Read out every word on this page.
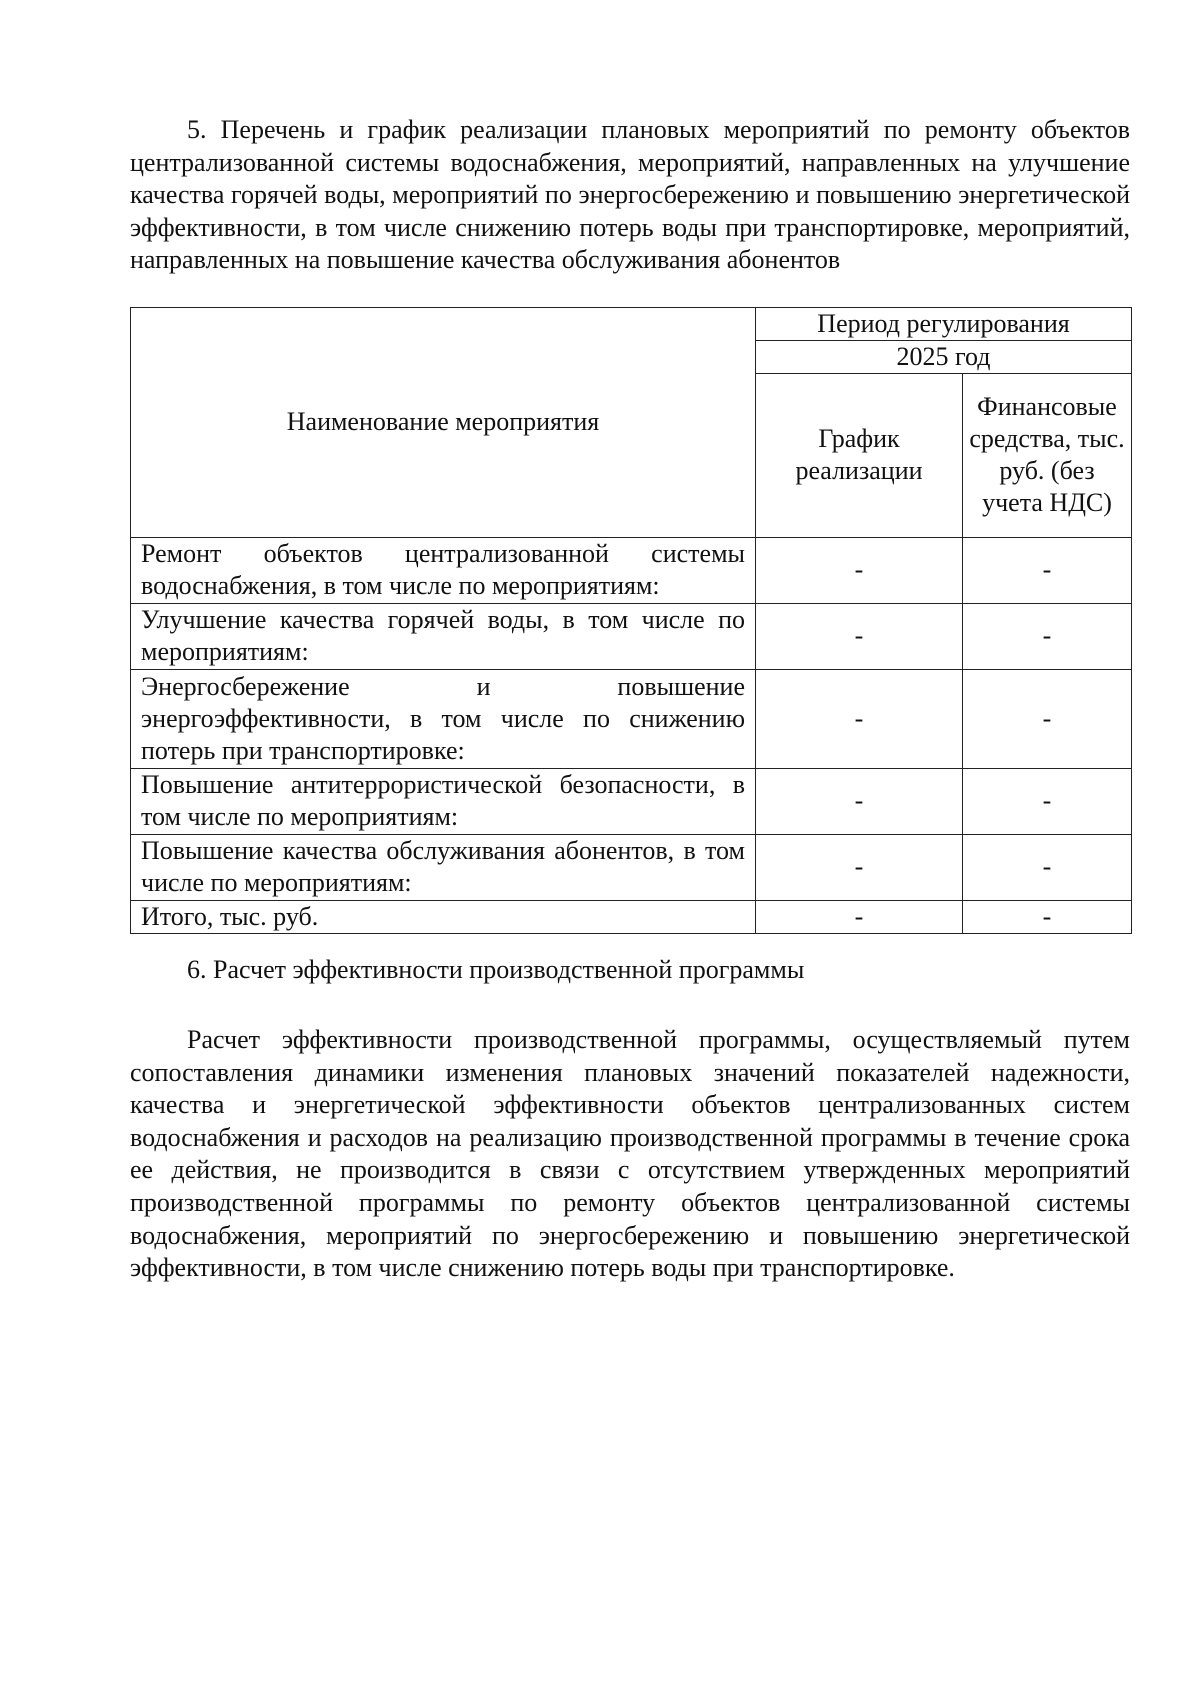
5. Перечень и график реализации плановых мероприятий по ремонту объектов централизованной системы водоснабжения, мероприятий, направленных на улучшение качества горячей воды, мероприятий по энергосбережению и повышению энергетической эффективности, в том числе снижению потерь воды при транспортировке, мероприятий, направленных на повышение качества обслуживания абонентов

Наименование мероприятия	Период регулирования	
	2025 год	
	График реализации	Финансовые средства, тыс. руб. (без учета НДС)
Ремонт объектов централизованной системы водоснабжения, в том числе по мероприятиям:	-	-
Улучшение качества горячей воды, в том числе по мероприятиям:	-	-
Энергосбережение и повышение энергоэффективности, в том числе по снижению потерь при транспортировке:	-	-
Повышение антитеррористической безопасности, в том числе по мероприятиям:	-	-
Повышение качества обслуживания абонентов, в том числе по мероприятиям:	-	-
Итого, тыс. руб.	-	-

6. Расчет эффективности производственной программы

Расчет эффективности производственной программы, осуществляемый путем сопоставления динамики изменения плановых значений показателей надежности, качества и энергетической эффективности объектов централизованных систем водоснабжения и расходов на реализацию производственной программы в течение срока ее действия, не производится в связи с отсутствием утвержденных мероприятий производственной программы по ремонту объектов централизованной системы водоснабжения, мероприятий по энергосбережению и повышению энергетической эффективности, в том числе снижению потерь воды при транспортировке.
